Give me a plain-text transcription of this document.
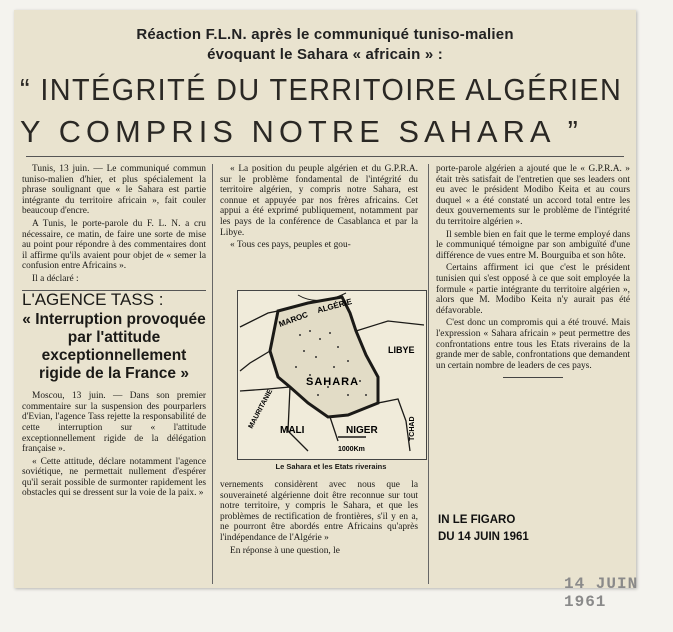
Réaction F.L.N. après le communiqué tuniso-malien
évoquant le Sahara « africain » :
“ INTÉGRITÉ DU TERRITOIRE ALGÉRIEN
Y COMPRIS NOTRE SAHARA ”

Tunis, 13 juin. — Le communiqué commun tuniso-malien d'hier, et plus spécialement la phrase soulignant que « le Sahara est partie intégrante du territoire africain », fait couler beaucoup d'encre.

A Tunis, le porte-parole du F. L. N. a cru nécessaire, ce matin, de faire une sorte de mise au point pour répondre à des commentaires dont il affirme qu'ils avaient pour objet de « semer la confusion entre Africains ».

Il a déclaré :

L'AGENCE TASS :

« Interruption provoquée par l'attitude exceptionnellement rigide de la France »

Moscou, 13 juin. — Dans son premier commentaire sur la suspension des pourparlers d'Evian, l'agence Tass rejette la responsabilité de cette interruption sur « l'attitude exceptionnellement rigide de la délégation française ».

« Cette attitude, déclare notamment l'agence soviétique, ne permettait nullement d'espérer qu'il serait possible de surmonter rapidement les obstacles qui se dressent sur la voie de la paix. »

« La position du peuple algérien et du G.P.R.A. sur le problème fondamental de l'intégrité du territoire algérien, y compris notre Sahara, est connue et appuyée par nos frères africains. Cet appui a été exprimé publiquement, notamment par les pays de la conférence de Casablanca et par la Libye.

« Tous ces pays, peuples et gou-

MAROC
ALGÉRIE
LIBYE
SAHARA
MAURITANIE
MALI	NIGER	TCHAD
1000Km
Le Sahara et les Etats riverains

vernements considèrent avec nous que la souveraineté algérienne doit être reconnue sur tout notre territoire, y compris le Sahara, et que les problèmes de rectification de frontières, s'il y en a, ne pourront être abordés entre Africains qu'après l'indépendance de l'Algérie »

En réponse à une question, le

porte-parole algérien a ajouté que le « G.P.R.A. » était très satisfait de l'entretien que ses leaders ont eu avec le président Modibo Keita et au cours duquel « a été constaté un accord total entre les deux gouvernements sur le problème de l'intégrité du territoire algérien ».

Il semble bien en fait que le terme employé dans le communiqué témoigne par son ambiguïté d'une différence de vues entre M. Bourguiba et son hôte.

Certains affirment ici que c'est le président tunisien qui s'est opposé à ce que soit employée la formule « partie intégrante du territoire algérien », alors que M. Modibo Keita n'y aurait pas été défavorable.

C'est donc un compromis qui a été trouvé. Mais l'expression « Sahara africain » peut permettre des confrontations entre tous les Etats riverains de la grande mer de sable, confrontations que demandent un certain nombre de leaders de ces pays.

IN LE FIGARO
DU 14 JUIN 1961
14 JUIN 1961
